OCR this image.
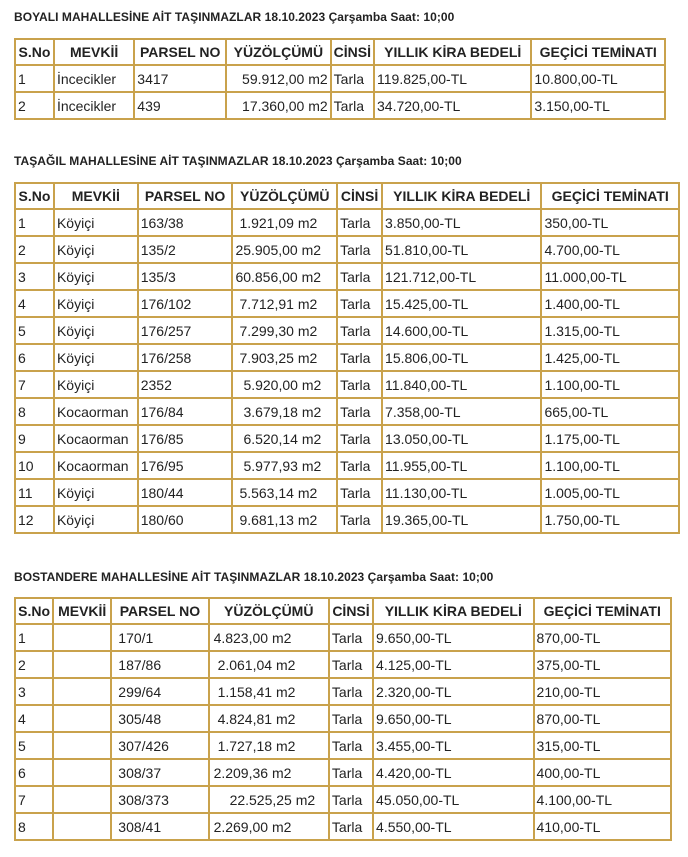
BOYALI MAHALLESİNE AİT TAŞINMAZLAR 18.10.2023 Çarşamba Saat: 10;00
S.No	MEVKİİ	PARSEL NO	YÜZÖLÇÜMÜ	CİNSİ	YILLIK KİRA BEDELİ	GEÇİCİ TEMİNATI
1	İncecikler	3417	59.912,00 m2	Tarla	119.825,00-TL	10.800,00-TL
2	İncecikler	439	17.360,00 m2	Tarla	34.720,00-TL	3.150,00-TL
TAŞAĞIL MAHALLESİNE AİT TAŞINMAZLAR 18.10.2023 Çarşamba Saat: 10;00
S.No	MEVKİİ	PARSEL NO	YÜZÖLÇÜMÜ	CİNSİ	YILLIK KİRA BEDELİ	GEÇİCİ TEMİNATI
1	Köyiçi	163/38	1.921,09 m2	Tarla	3.850,00-TL	350,00-TL
2	Köyiçi	135/2	25.905,00 m2	Tarla	51.810,00-TL	4.700,00-TL
3	Köyiçi	135/3	60.856,00 m2	Tarla	121.712,00-TL	11.000,00-TL
4	Köyiçi	176/102	7.712,91 m2	Tarla	15.425,00-TL	1.400,00-TL
5	Köyiçi	176/257	7.299,30 m2	Tarla	14.600,00-TL	1.315,00-TL
6	Köyiçi	176/258	7.903,25 m2	Tarla	15.806,00-TL	1.425,00-TL
7	Köyiçi	2352	5.920,00 m2	Tarla	11.840,00-TL	1.100,00-TL
8	Kocaorman	176/84	3.679,18 m2	Tarla	7.358,00-TL	665,00-TL
9	Kocaorman	176/85	6.520,14 m2	Tarla	13.050,00-TL	1.175,00-TL
10	Kocaorman	176/95	5.977,93 m2	Tarla	11.955,00-TL	1.100,00-TL
11	Köyiçi	180/44	5.563,14 m2	Tarla	11.130,00-TL	1.005,00-TL
12	Köyiçi	180/60	9.681,13 m2	Tarla	19.365,00-TL	1.750,00-TL
BOSTANDERE MAHALLESİNE AİT TAŞINMAZLAR 18.10.2023 Çarşamba Saat: 10;00
S.No	MEVKİİ	PARSEL NO	YÜZÖLÇÜMÜ	CİNSİ	YILLIK KİRA BEDELİ	GEÇİCİ TEMİNATI
1		170/1	4.823,00 m2	Tarla	9.650,00-TL	870,00-TL
2		187/86	2.061,04 m2	Tarla	4.125,00-TL	375,00-TL
3		299/64	1.158,41 m2	Tarla	2.320,00-TL	210,00-TL
4		305/48	4.824,81 m2	Tarla	9.650,00-TL	870,00-TL
5		307/426	1.727,18 m2	Tarla	3.455,00-TL	315,00-TL
6		308/37	2.209,36 m2	Tarla	4.420,00-TL	400,00-TL
7		308/373	22.525,25 m2	Tarla	45.050,00-TL	4.100,00-TL
8		308/41	2.269,00 m2	Tarla	4.550,00-TL	410,00-TL
